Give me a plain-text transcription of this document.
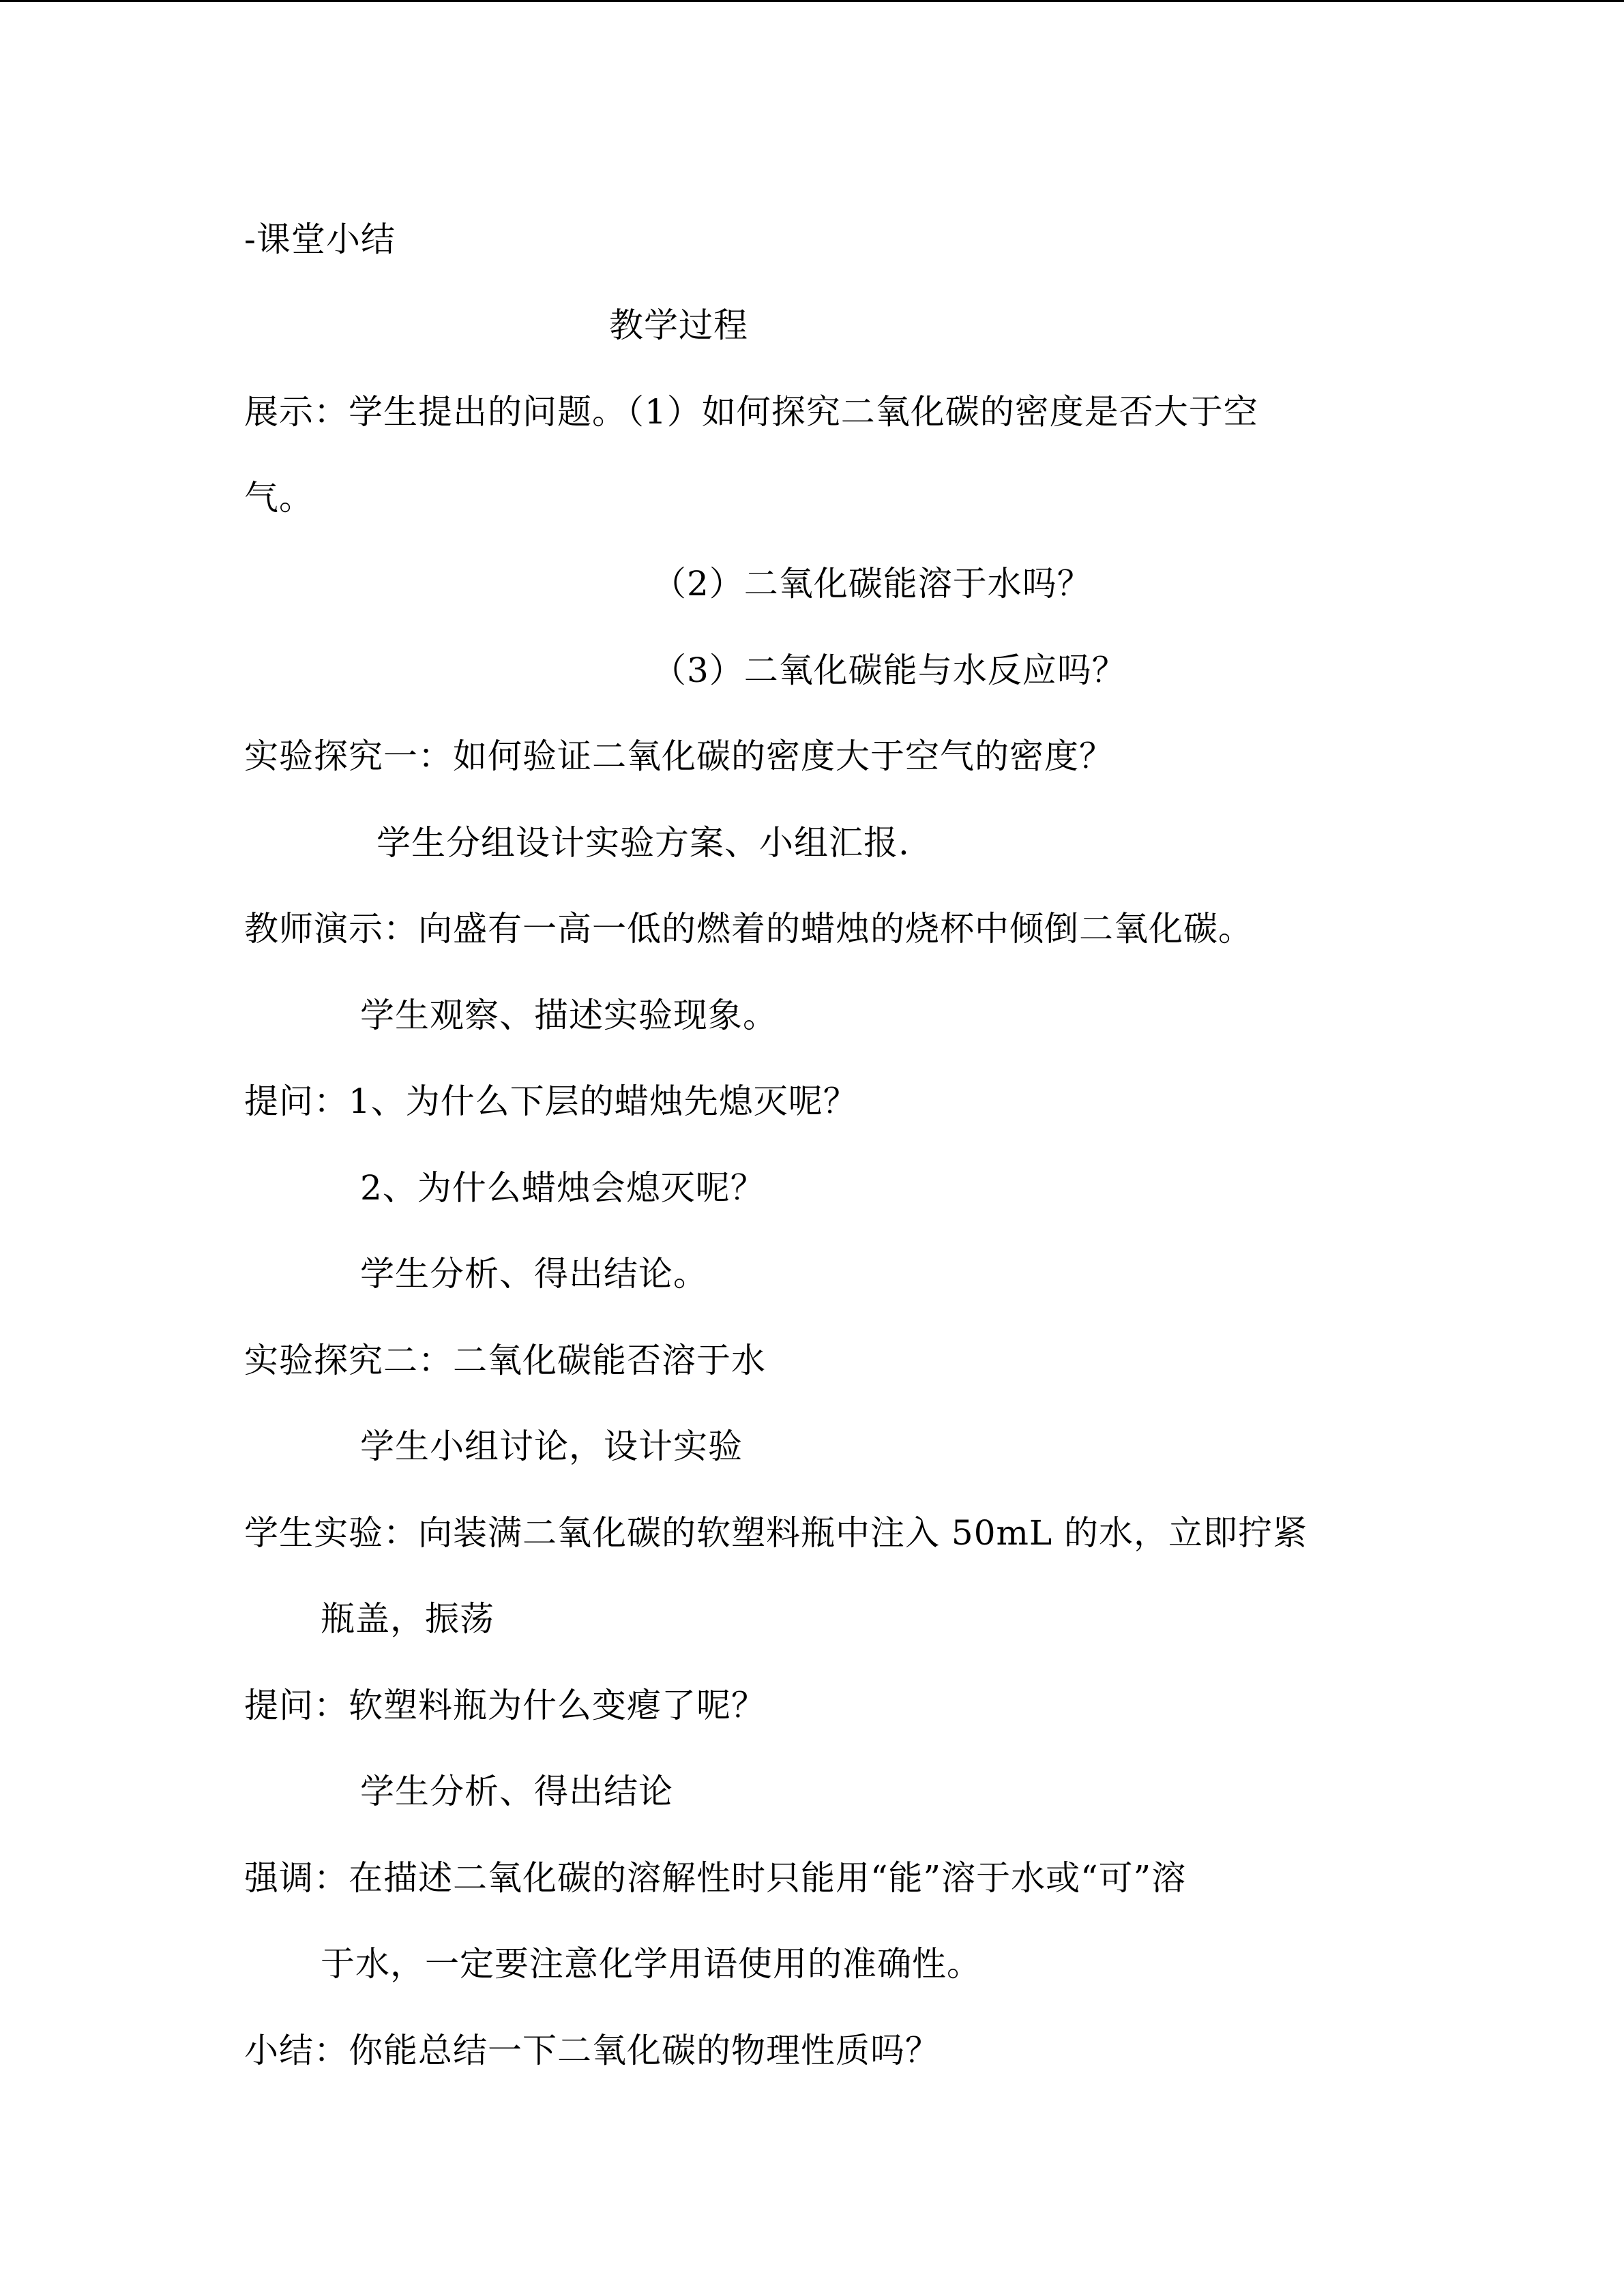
-课堂小结
教学过程
展示：学生提出的问题。（1）如何探究二氧化碳的密度是否大于空
气。
（2）二氧化碳能溶于水吗？
（3）二氧化碳能与水反应吗？
实验探究一：如何验证二氧化碳的密度大于空气的密度？
学生分组设计实验方案、小组汇报.
教师演示：向盛有一高一低的燃着的蜡烛的烧杯中倾倒二氧化碳。
学生观察、描述实验现象。
提问：1、为什么下层的蜡烛先熄灭呢？
2、为什么蜡烛会熄灭呢？
学生分析、得出结论。
实验探究二：二氧化碳能否溶于水
学生小组讨论，设计实验
学生实验：向装满二氧化碳的软塑料瓶中注入 50mL 的水，立即拧紧
瓶盖，振荡
提问：软塑料瓶为什么变瘪了呢？
学生分析、得出结论
强调：在描述二氧化碳的溶解性时只能用“能”溶于水或“可”溶
于水，一定要注意化学用语使用的准确性。
小结：你能总结一下二氧化碳的物理性质吗？
